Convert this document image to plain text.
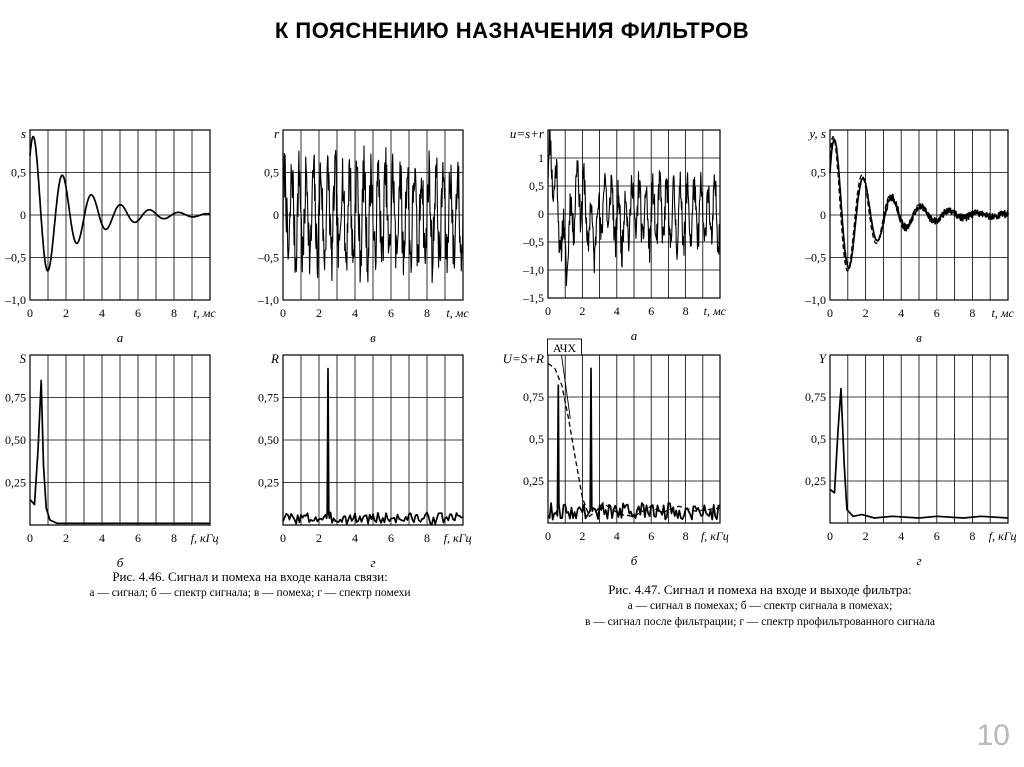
К ПОЯСНЕНИЮ НАЗНАЧЕНИЯ ФИЛЬТРОВ
0,5
0
–0,5
–1,0
s
0	2	4	6	8 t, мс
а
0,5
0
–0,5
–1,0
r
0	2	4	6	8 t, мс
в
1
0,5
0
–0,5
–1,0
–1,5
u=s+r
0 2 4 6 8 t, мс
а
0,5
0
–0,5
–1,0
y, s
0 2 4 6 8 t, мс
в
0,75
0,50
0,25
S
0	2	4	6	8 f, кГц
б
0,75
0,50
0,25
R
0	2	4	6	8 f, кГц
г
0,75
0,5
0,25
U=S+R
0 2 4 6 8 f, кГц
б
АЧХ
0,75
0,5
0,25
Y
0 2 4 6 8 f, кГц
г
Рис. 4.46. Сигнал и помеха на входе канала связи:
а — сигнал; б — спектр сигнала; в — помеха; г — спектр помехи	Рис. 4.47. Сигнал и помеха на входе и выходе фильтра:
а — сигнал в помехах; б — спектр сигнала в помехах;
в — сигнал после фильтрации; г — спектр профильтрованного сигнала
10
